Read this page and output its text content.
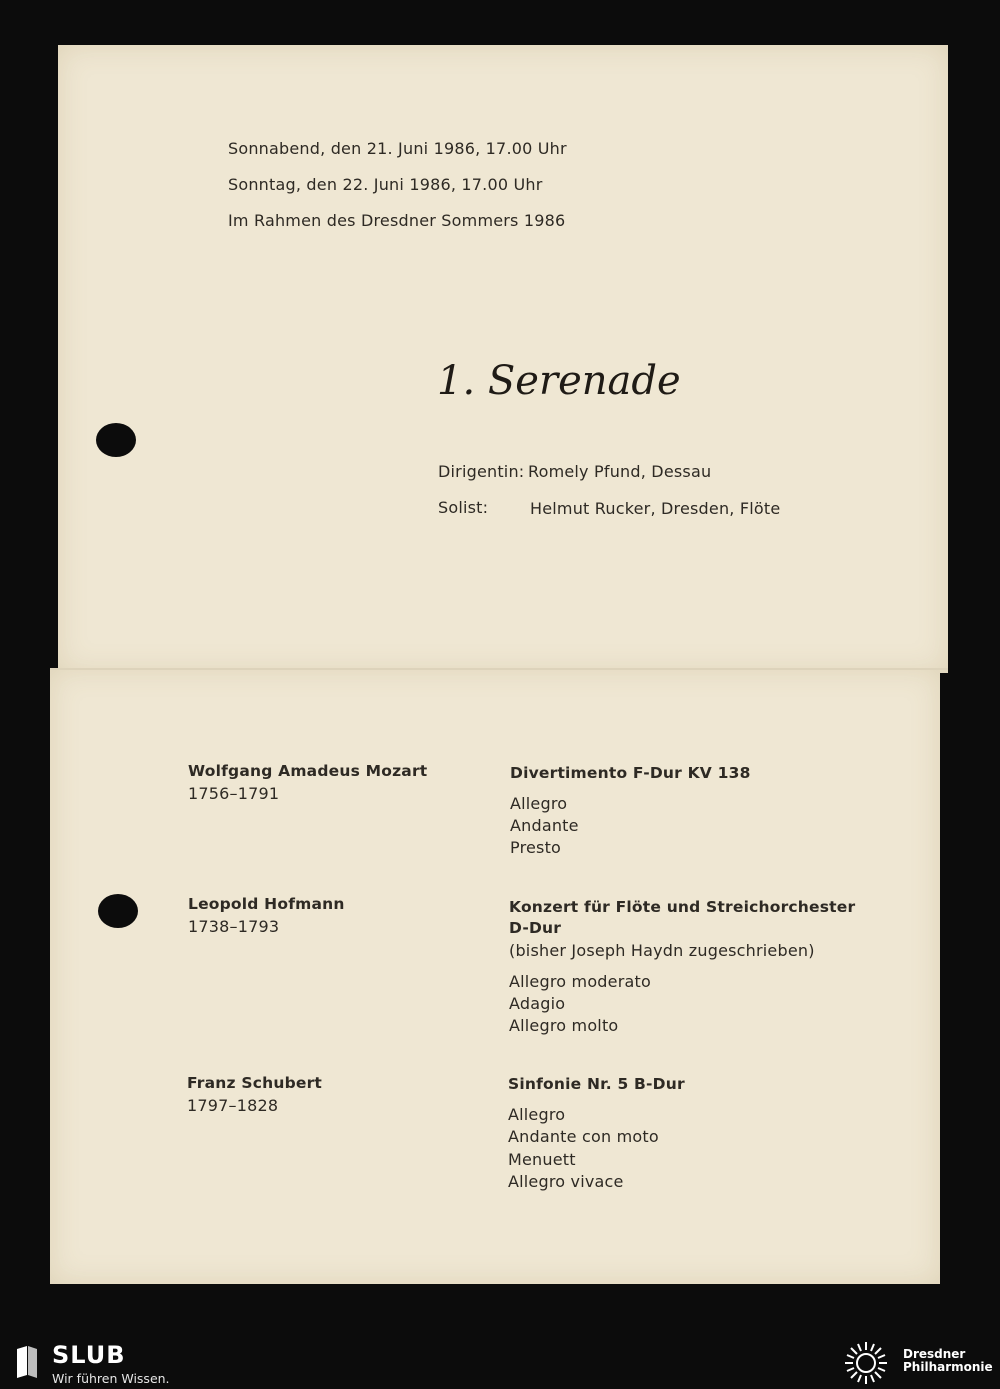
Sonnabend, den 21. Juni 1986, 17.00 Uhr
Sonntag, den 22. Juni 1986, 17.00 Uhr
Im Rahmen des Dresdner Sommers 1986
1. Serenade
Dirigentin: Romely Pfund, Dessau
Solist:	Helmut Rucker, Dresden, Flöte
Wolfgang Amadeus Mozart
1756–1791
Divertimento F-Dur KV 138
Allegro
Andante
Presto
Leopold Hofmann
1738–1793
Konzert für Flöte und Streichorchester
D-Dur
(bisher Joseph Haydn zugeschrieben)
Allegro moderato
Adagio
Allegro molto
Franz Schubert
1797–1828
Sinfonie Nr. 5 B-Dur
Allegro
Andante con moto
Menuett
Allegro vivace
SLUB
Wir führen Wissen.
Dresdner
Philharmonie
